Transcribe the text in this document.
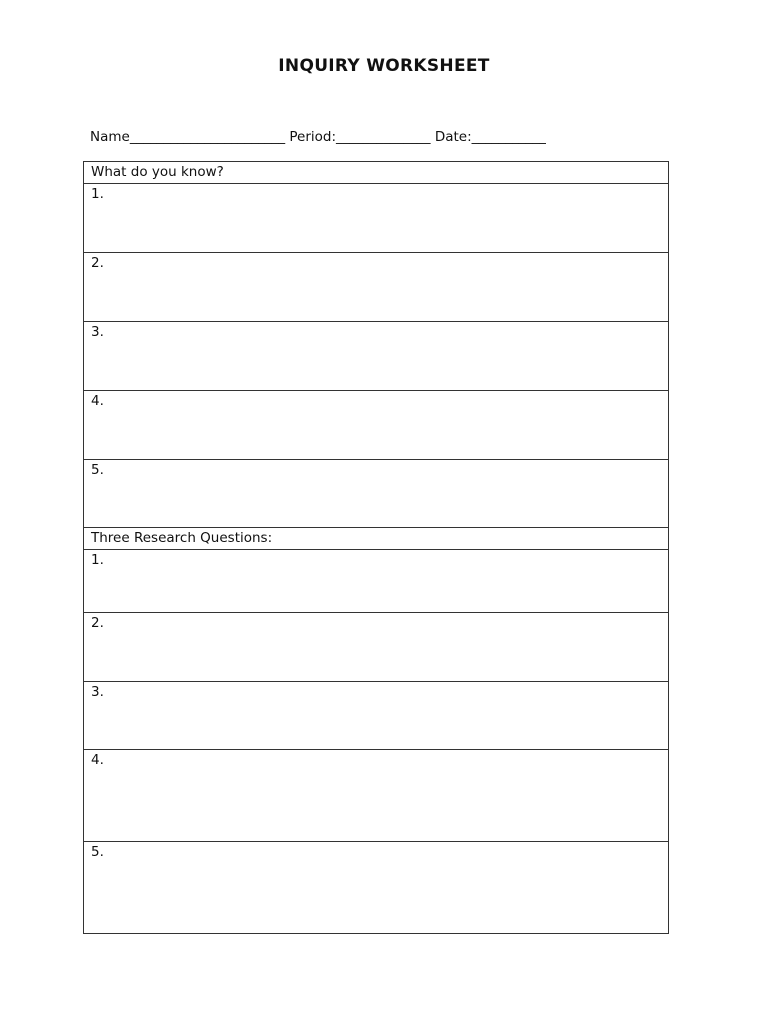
INQUIRY WORKSHEET
Name_______________________ Period:______________ Date:___________
What do you know?
1.
2.
3.
4.
5.
Three Research Questions:
1.
2.
3.
4.
5.
